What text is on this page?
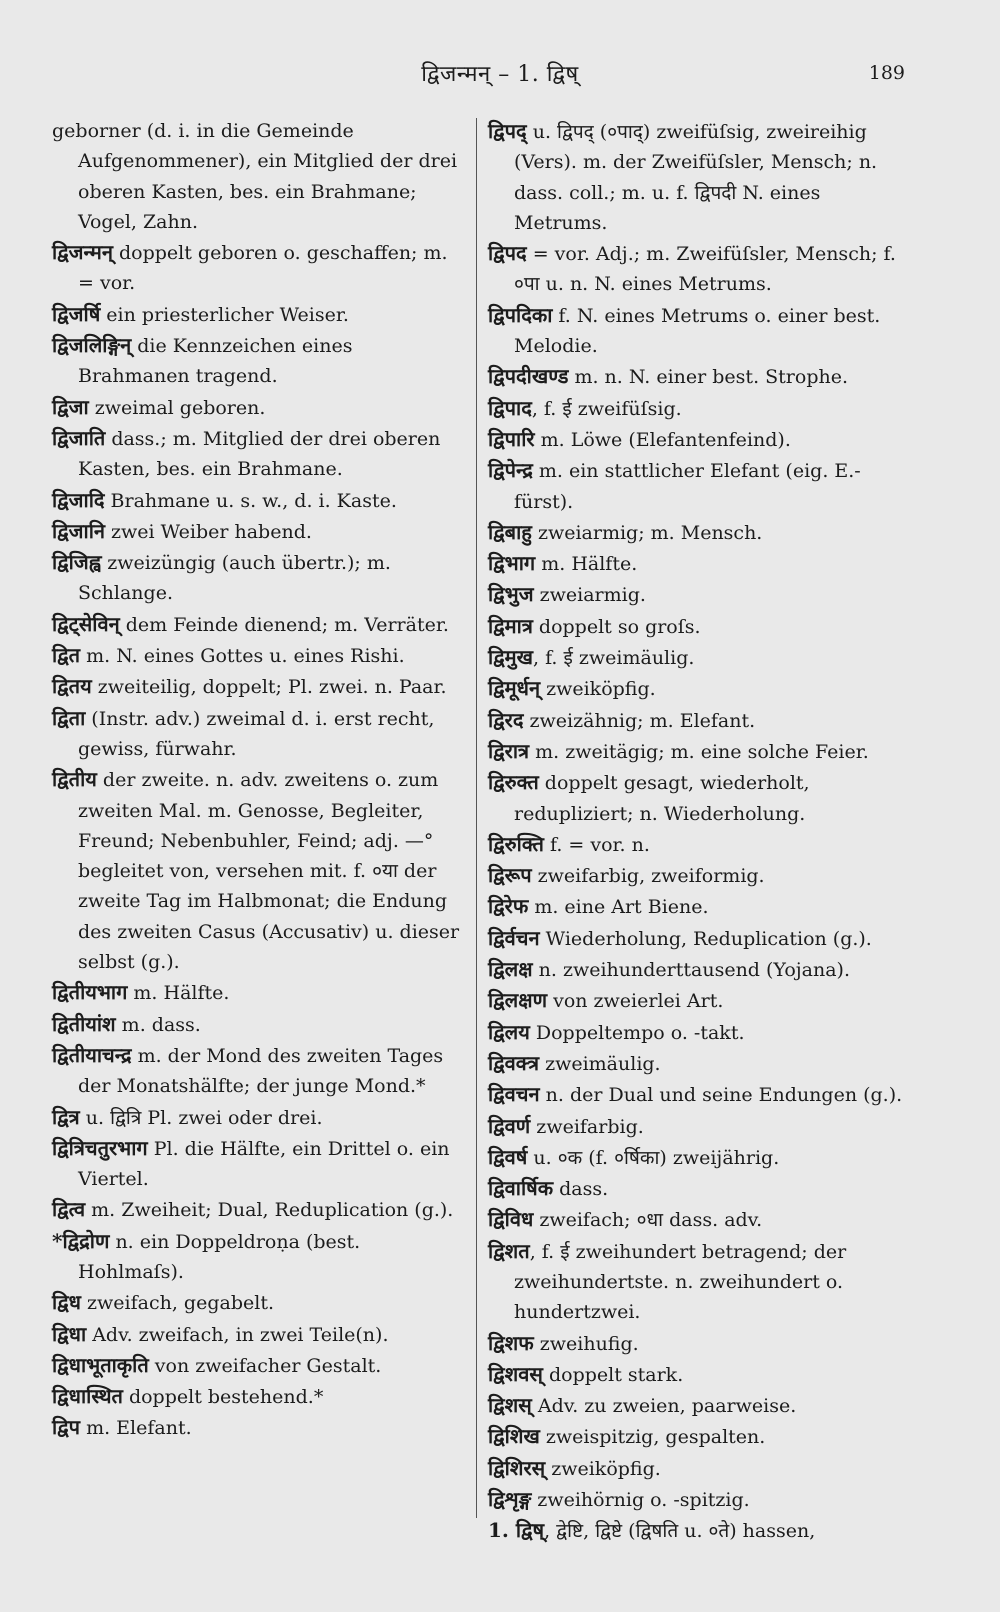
द्विजन्मन् – 1. द्विष्	189

geborner (d. i. in die Gemeinde Aufgenommener), ein Mitglied der drei oberen Kasten, bes. ein Brahmane; Vogel, Zahn.

द्विजन्मन् doppelt geboren o. geschaffen; m. = vor.

द्विजर्षि ein priesterlicher Weiser.

द्विजलिङ्गिन् die Kennzeichen eines Brahmanen tragend.

द्विजा zweimal geboren.

द्विजाति dass.; m. Mitglied der drei oberen Kasten, bes. ein Brahmane.

द्विजादि Brahmane u. s. w., d. i. Kaste.

द्विजानि zwei Weiber habend.

द्विजिह्व zweizüngig (auch übertr.); m. Schlange.

द्विट्सेविन् dem Feinde dienend; m. Verräter.

द्वित m. N. eines Gottes u. eines Rishi.

द्वितय zweiteilig, doppelt; Pl. zwei. n. Paar.

द्विता (Instr. adv.) zweimal d. i. erst recht, gewiss, fürwahr.

द्वितीय der zweite. n. adv. zweitens o. zum zweiten Mal. m. Genosse, Begleiter, Freund; Nebenbuhler, Feind; adj. —° begleitet von, versehen mit. f. ०या der zweite Tag im Halbmonat; die Endung des zweiten Casus (Accusativ) u. dieser selbst (g.).

द्वितीयभाग m. Hälfte.

द्वितीयांश m. dass.

द्वितीयाचन्द्र m. der Mond des zweiten Tages der Monatshälfte; der junge Mond.*

द्वित्र u. द्वित्रि Pl. zwei oder drei.

द्वित्रिचतुरभाग Pl. die Hälfte, ein Drittel o. ein Viertel.

द्वित्व m. Zweiheit; Dual, Reduplication (g.).

*द्विद्रोण n. ein Doppeldroṇa (best. Hohlmaſs).

द्विध zweifach, gegabelt.

द्विधा Adv. zweifach, in zwei Teile(n).

द्विधाभूताकृति von zweifacher Gestalt.

द्विधास्थित doppelt bestehend.*

द्विप m. Elefant.

द्विपद् u. द्विपद् (०पाद्) zweifüſsig, zweireihig (Vers). m. der Zweifüſsler, Mensch; n. dass. coll.; m. u. f. द्विपदी N. eines Metrums.

द्विपद = vor. Adj.; m. Zweifüſsler, Mensch; f. ०पा u. n. N. eines Metrums.

द्विपदिका f. N. eines Metrums o. einer best. Melodie.

द्विपदीखण्ड m. n. N. einer best. Strophe.

द्विपाद, f. ई zweifüſsig.

द्विपारि m. Löwe (Elefantenfeind).

द्विपेन्द्र m. ein stattlicher Elefant (eig. E.-fürst).

द्विबाहु zweiarmig; m. Mensch.

द्विभाग m. Hälfte.

द्विभुज zweiarmig.

द्विमात्र doppelt so groſs.

द्विमुख, f. ई zweimäulig.

द्विमूर्धन् zweiköpfig.

द्विरद zweizähnig; m. Elefant.

द्विरात्र m. zweitägig; m. eine solche Feier.

द्विरुक्त doppelt gesagt, wiederholt, redupliziert; n. Wiederholung.

द्विरुक्ति f. = vor. n.

द्विरूप zweifarbig, zweiformig.

द्विरेफ m. eine Art Biene.

द्विर्वचन Wiederholung, Reduplication (g.).

द्विलक्ष n. zweihunderttausend (Yojana).

द्विलक्षण von zweierlei Art.

द्विलय Doppeltempo o. -takt.

द्विवक्त्र zweimäulig.

द्विवचन n. der Dual und seine Endungen (g.).

द्विवर्ण zweifarbig.

द्विवर्ष u. ०क (f. ०र्षिका) zweijährig.

द्विवार्षिक dass.

द्विविध zweifach; ०धा dass. adv.

द्विशत, f. ई zweihundert betragend; der zweihundertste. n. zweihundert o. hundertzwei.

द्विशफ zweihufig.

द्विशवस् doppelt stark.

द्विशस् Adv. zu zweien, paarweise.

द्विशिख zweispitzig, gespalten.

द्विशिरस् zweiköpfig.

द्विशृङ्ग zweihörnig o. -spitzig.

1. द्विष्, द्वेष्टि, द्विष्टे (द्विषति u. ०ते) hassen,
